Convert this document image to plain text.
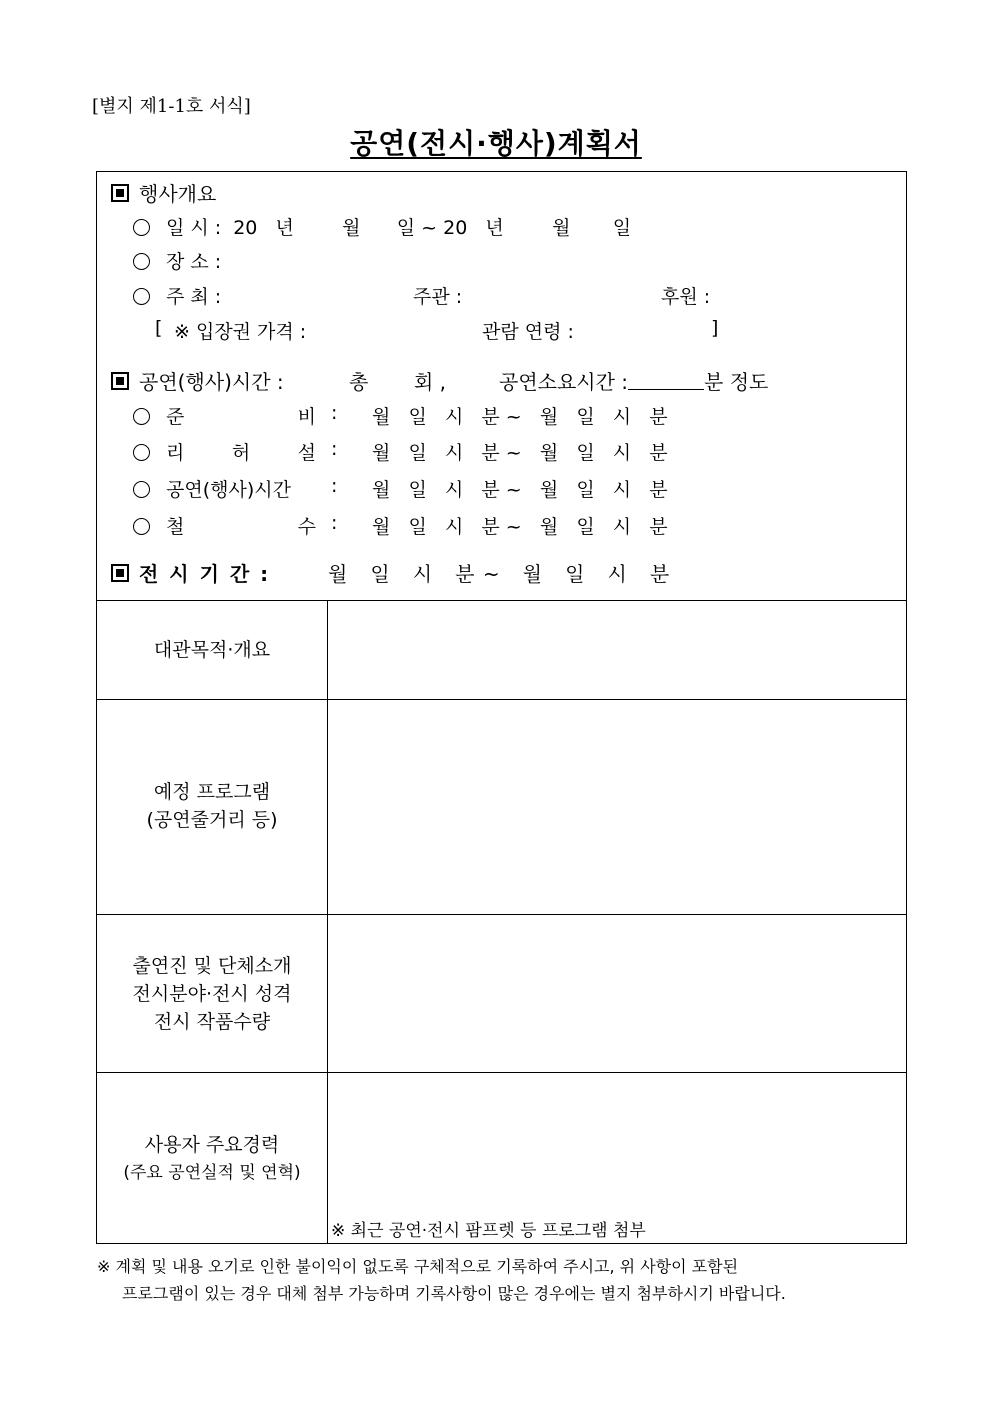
[별지 제1-1호 서식]
공연(전시·행사)계획서
행사개요
일 시 : 20   년        월      일 ~ 20   년        월       일
장 소 :
주 최 :	주관 :	후원 :
[ ※ 입장권 가격 :	관람 연령 :	]
공연(행사)시간 :	총 회 ,	공연소요시간 :	분 정도
준 비 : 월   일   시   분 ~   월   일   시   분
리 허 설 : 월   일   시   분 ~   월   일   시   분
공연(행사)시간	: 월   일   시   분 ~   월   일   시   분
철 수 : 월   일   시   분 ~   월   일   시   분
전 시 기 간 :	월   일   시   분 ~   월   일   시   분
대관목적·개요
예정 프로그램
(공연줄거리 등)
출연진 및 단체소개
전시분야·전시 성격
전시 작품수량
사용자 주요경력
(주요 공연실적 및 연혁)
※ 최근 공연·전시 팜프렛 등 프로그램 첨부
※ 계획 및 내용 오기로 인한 불이익이 없도록 구체적으로 기록하여 주시고, 위 사항이 포함된
프로그램이 있는 경우 대체 첨부 가능하며 기록사항이 많은 경우에는 별지 첨부하시기 바랍니다.
